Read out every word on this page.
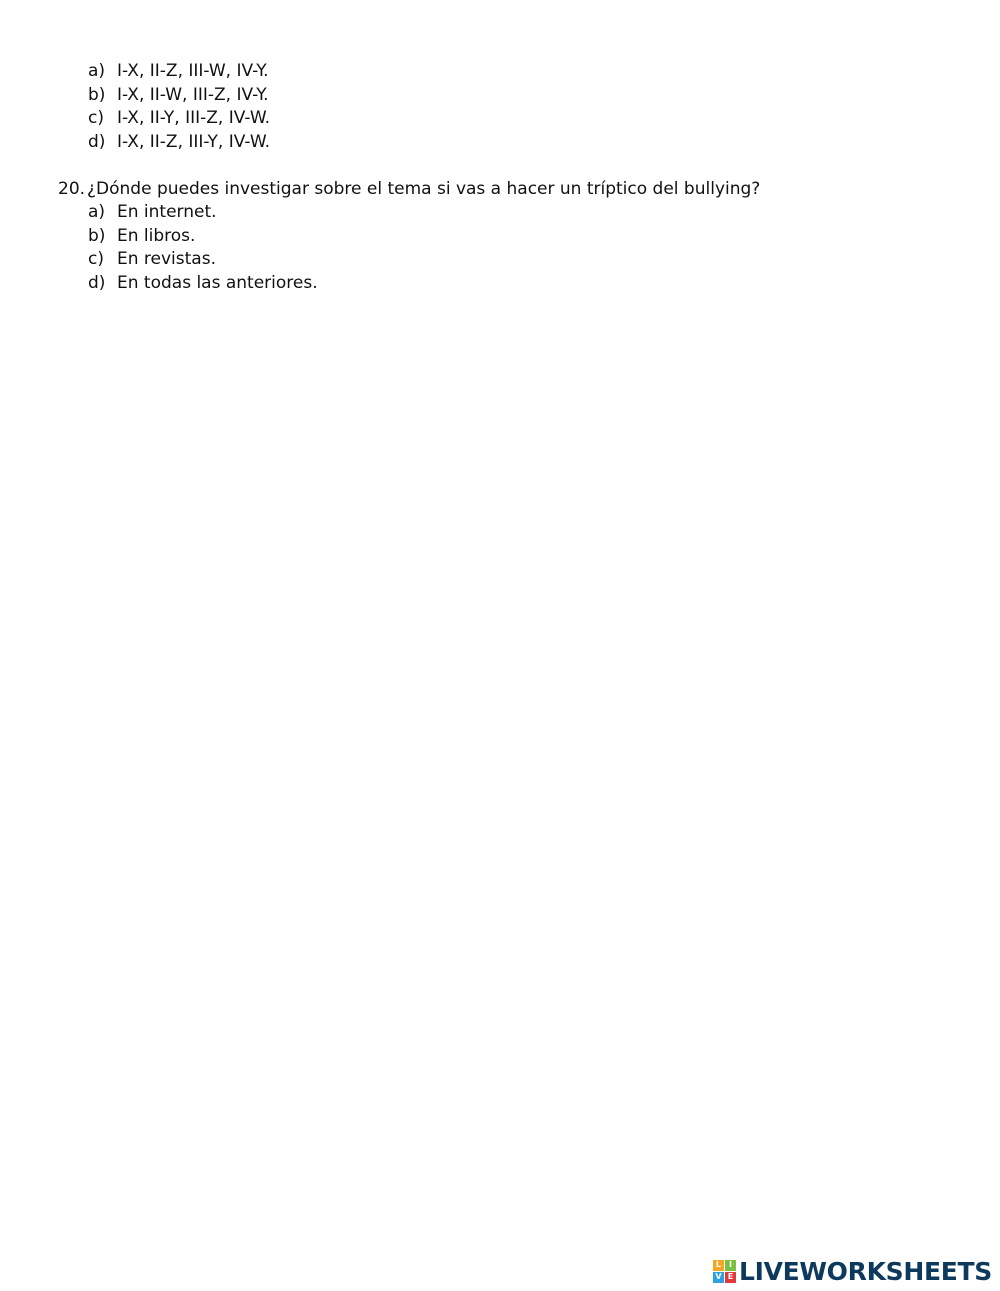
a) I-X, II-Z, III-W, IV-Y.
b) I-X, II-W, III-Z, IV-Y.
c) I-X, II-Y, III-Z, IV-W.
d) I-X, II-Z, III-Y, IV-W.
20. ¿Dónde puedes investigar sobre el tema si vas a hacer un tríptico del bullying?
a) En internet.
b) En libros.
c) En revistas.
d) En todas las anteriores.
L I
V E LIVEWORKSHEETS
